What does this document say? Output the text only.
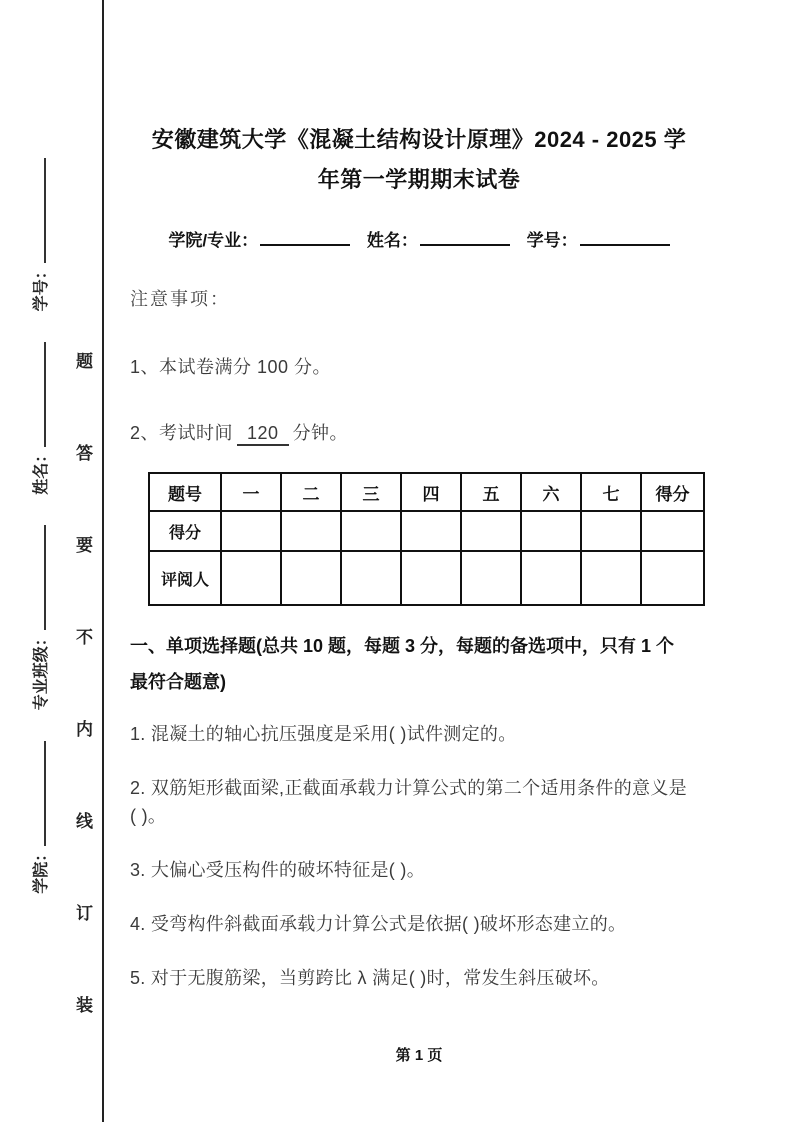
学院： 专业班级： 姓名： 学号：
题
答
要
不
内
线
订
装
安徽建筑大学《混凝土结构设计原理》2024 - 2025 学
年第一学期期末试卷
学院/专业：	姓名：	学号：
注意事项：
1、本试卷满分 100 分。
2、考试时间 120 分钟。
题号	一	二	三	四	五	六	七	得分
得分								
评阅人								
一、单项选择题(总共 10 题，每题 3 分，每题的备选项中，只有 1 个
最符合题意)
1. 混凝土的轴心抗压强度是采用( )试件测定的。
2. 双筋矩形截面梁,正截面承载力计算公式的第二个适用条件的意义是
( )。
3. 大偏心受压构件的破坏特征是( )。
4. 受弯构件斜截面承载力计算公式是依据( )破坏形态建立的。
5. 对于无腹筋梁，当剪跨比 λ 满足( )时，常发生斜压破坏。
第 1 页
